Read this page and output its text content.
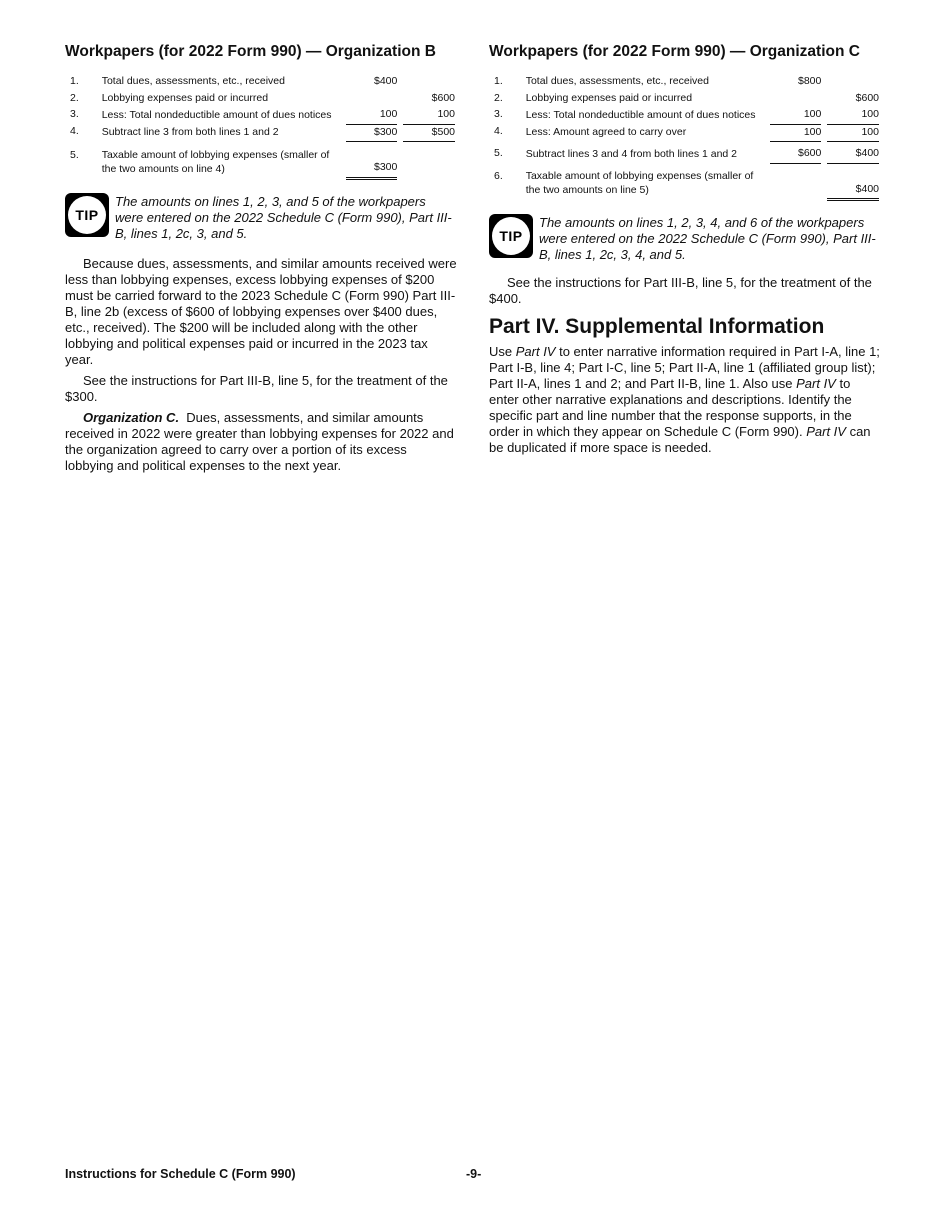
Workpapers (for 2022 Form 990) — Organization B
1.	Total dues, assessments, etc., received	$400		
2.	Lobbying expenses paid or incurred			$600
3.	Less: Total nondeductible amount of dues notices	100		100
4.	Subtract line 3 from both lines 1 and 2	$300		$500
5.	Taxable amount of lobbying expenses (smaller of the two amounts on line 4)	$300		
TIP
The amounts on lines 1, 2, 3, and 5 of the workpapers were entered on the 2022 Schedule C (Form 990), Part III-B, lines 1, 2c, 3, and 5.

Because dues, assessments, and similar amounts received were less than lobbying expenses, excess lobbying expenses of $200 must be carried forward to the 2023 Schedule C (Form 990) Part III-B, line 2b (excess of $600 of lobbying expenses over $400 dues, etc., received). The $200 will be included along with the other lobbying and political expenses paid or incurred in the 2023 tax year.

See the instructions for Part III-B, line 5, for the treatment of the $300.

Organization C. Dues, assessments, and similar amounts received in 2022 were greater than lobbying expenses for 2022 and the organization agreed to carry over a portion of its excess lobbying and political expenses to the next year.

Workpapers (for 2022 Form 990) — Organization C
1.	Total dues, assessments, etc., received	$800		
2.	Lobbying expenses paid or incurred			$600
3.	Less: Total nondeductible amount of dues notices	100		100
4.	Less: Amount agreed to carry over	100		100
5.	Subtract lines 3 and 4 from both lines 1 and 2	$600		$400
6.	Taxable amount of lobbying expenses (smaller of the two amounts on line 5)			$400
TIP
The amounts on lines 1, 2, 3, 4, and 6 of the workpapers were entered on the 2022 Schedule C (Form 990), Part III-B, lines 1, 2c, 3, 4, and 5.

See the instructions for Part III-B, line 5, for the treatment of the $400.

Part IV. Supplemental Information

Use Part IV to enter narrative information required in Part I-A, line 1; Part I-B, line 4; Part I-C, line 5; Part II-A, line 1 (affiliated group list); Part II-A, lines 1 and 2; and Part II-B, line 1. Also use Part IV to enter other narrative explanations and descriptions. Identify the specific part and line number that the response supports, in the order in which they appear on Schedule C (Form 990). Part IV can be duplicated if more space is needed.

Instructions for Schedule C (Form 990)	-9-
